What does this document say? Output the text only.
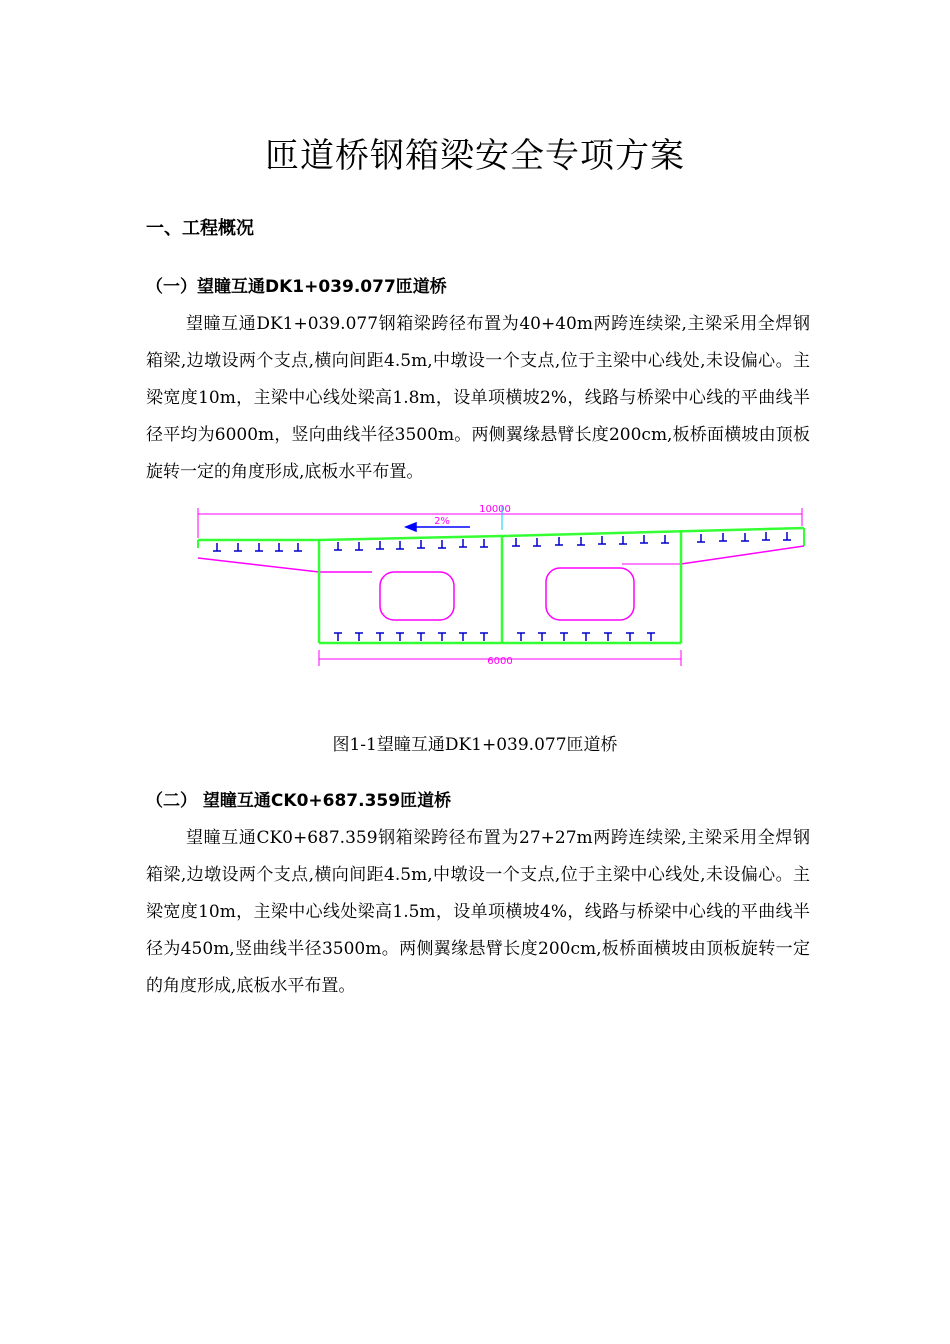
匝道桥钢箱梁安全专项方案
一、工程概况
（一）望瞳互通DK1+039.077匝道桥
望瞳互通DK1+039.077钢箱梁跨径布置为40+40m两跨连续梁,主梁采用全焊钢箱梁,边墩设两个支点,横向间距4.5m,中墩设一个支点,位于主梁中心线处,未设偏心。主梁宽度10m，主梁中心线处梁高1.8m，设单项横坡2%，线路与桥梁中心线的平曲线半径平均为6000m，竖向曲线半径3500m。两侧翼缘悬臂长度200cm,板桥面横坡由顶板旋转一定的角度形成,底板水平布置。
10000
2%
6000
图1-1望瞳互通DK1+039.077匝道桥
（二） 望瞳互通CK0+687.359匝道桥
望瞳互通CK0+687.359钢箱梁跨径布置为27+27m两跨连续梁,主梁采用全焊钢箱梁,边墩设两个支点,横向间距4.5m,中墩设一个支点,位于主梁中心线处,未设偏心。主梁宽度10m，主梁中心线处梁高1.5m，设单项横坡4%，线路与桥梁中心线的平曲线半径为450m,竖曲线半径3500m。两侧翼缘悬臂长度200cm,板桥面横坡由顶板旋转一定的角度形成,底板水平布置。
